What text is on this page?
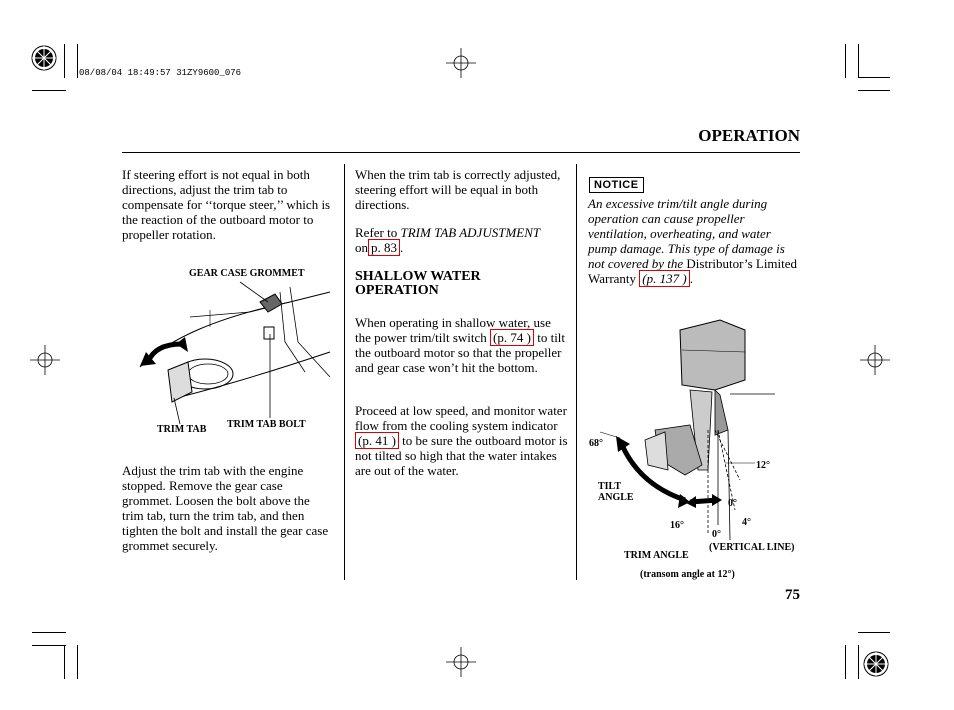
08/08/04 18:49:57 31ZY9600_076
OPERATION
If steering effort is not equal in both directions, adjust the trim tab to compensate for ‘‘torque steer,’’ which is the reaction of the outboard motor to propeller rotation.
GEAR CASE GROMMET
TRIM TAB TRIM TAB BOLT
Adjust the trim tab with the engine stopped. Remove the gear case grommet. Loosen the bolt above the trim tab, turn the trim tab, and then tighten the bolt and install the gear case grommet securely.
When the trim tab is correctly adjusted, steering effort will be equal in both directions.
Refer to TRIM TAB ADJUSTMENT
on p. 83 .
SHALLOW WATER OPERATION
When operating in shallow water, use the power trim/tilt switch (p. 74 ) to tilt the outboard motor so that the propeller and gear case won’t hit the bottom.
Proceed at low speed, and monitor water flow from the cooling system indicator (p. 41 ) to be sure the outboard motor is not tilted so high that the water intakes are out of the water.
NOTICE
An excessive trim/tilt angle during operation can cause propeller ventilation, overheating, and water pump damage. This type of damage is not covered by the Distributor’s Limited Warranty (p. 137 ) .
68°
TILT ANGLE
16°
12°
0°
4°
0°
(VERTICAL LINE)
TRIM ANGLE
(transom angle at 12°)
75
